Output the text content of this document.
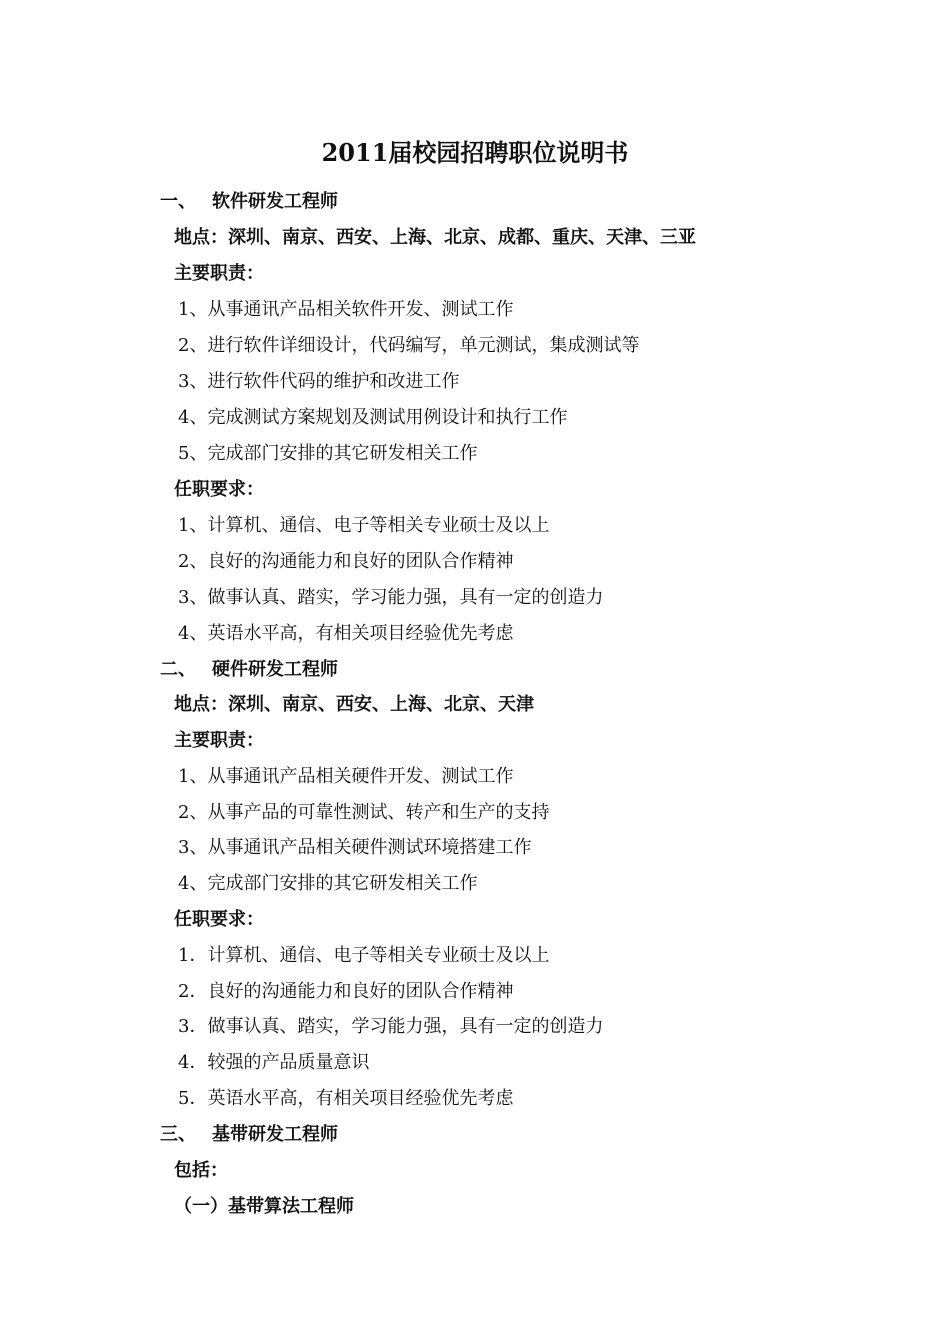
2011届校园招聘职位说明书
一、 软件研发工程师
地点：深圳、南京、西安、上海、北京、成都、重庆、天津、三亚
主要职责：
1、从事通讯产品相关软件开发、测试工作
2、进行软件详细设计，代码编写，单元测试，集成测试等
3、进行软件代码的维护和改进工作
4、完成测试方案规划及测试用例设计和执行工作
5、完成部门安排的其它研发相关工作
任职要求：
1、计算机、通信、电子等相关专业硕士及以上
2、良好的沟通能力和良好的团队合作精神
3、做事认真、踏实，学习能力强，具有一定的创造力
4、英语水平高，有相关项目经验优先考虑
二、 硬件研发工程师
地点：深圳、南京、西安、上海、北京、天津
主要职责：
1、从事通讯产品相关硬件开发、测试工作
2、从事产品的可靠性测试、转产和生产的支持
3、从事通讯产品相关硬件测试环境搭建工作
4、完成部门安排的其它研发相关工作
任职要求：
1．计算机、通信、电子等相关专业硕士及以上
2．良好的沟通能力和良好的团队合作精神
3．做事认真、踏实，学习能力强，具有一定的创造力
4．较强的产品质量意识
5．英语水平高，有相关项目经验优先考虑
三、 基带研发工程师
包括：
（一）基带算法工程师
